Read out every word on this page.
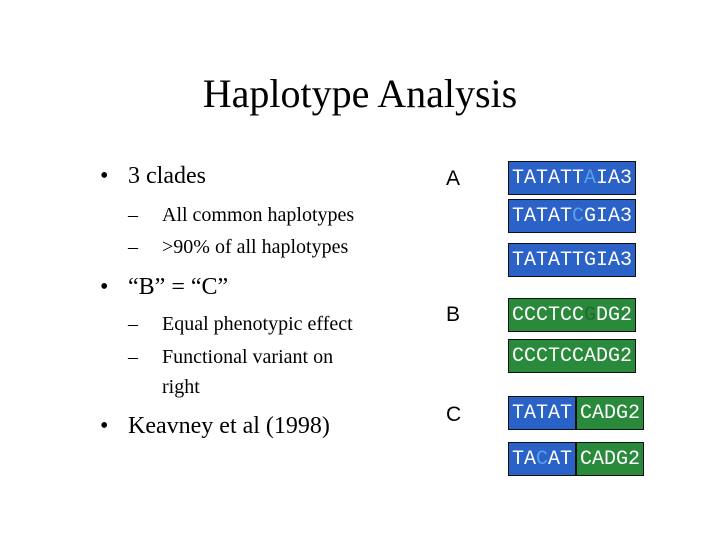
Haplotype Analysis
• 3 clades
– All common haplotypes
– >90% of all haplotypes
• “B” = “C”
– Equal phenotypic effect
– Functional variant on
right
• Keavney et al (1998)
A
B
C
TATATTAIA3
TATATCGIA3
TATATTGIA3
CCCTCCGDG2
CCCTCCADG2
TATAT CADG2
TACAT CADG2
